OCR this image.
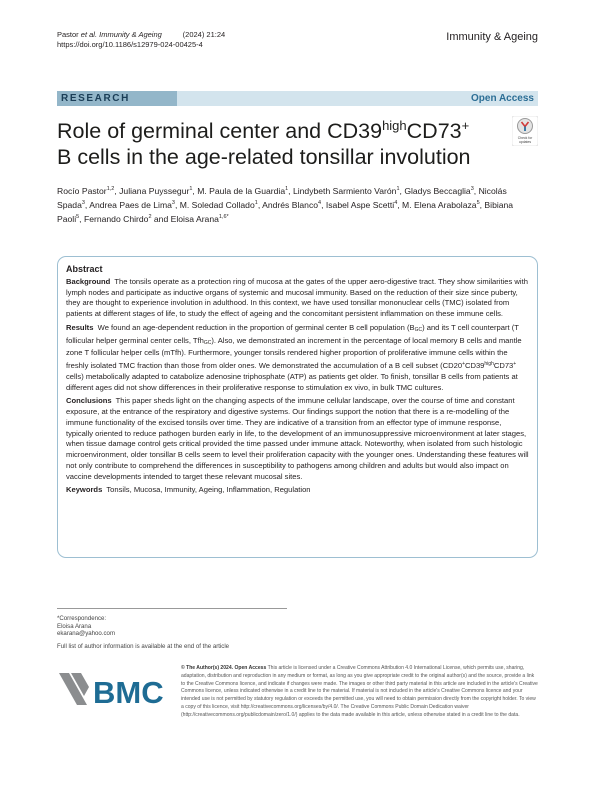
Pastor et al. Immunity & Ageing	(2024) 21:24
https://doi.org/10.1186/s12979-024-00425-4
Immunity & Ageing
RESEARCH	Open Access
Role of germinal center and $CD39^{high}CD73^+$ B cells in the age-related tonsillar involution
Check for
updates
Rocío Pastor$^{1,2}$, Juliana Puyssegur$^1$, M. Paula de la Guardia$^1$, Lindybeth Sarmiento Varón$^1$, Gladys Beccaglia$^3$, Nicolás Spada$^3$, Andrea Paes de Lima$^3$, M. Soledad Collado$^1$, Andrés Blanco$^4$, Isabel Aspe Scetti$^4$, M. Elena Arabolaza$^5$, Bibiana Paoli$^5$, Fernando Chirdo$^2$ and Eloisa Arana$^{1,6*}$
Abstract

Background The tonsils operate as a protection ring of mucosa at the gates of the upper aero-digestive tract. They show similarities with lymph nodes and participate as inductive organs of systemic and mucosal immunity. Based on the reduction of their size since puberty, they are thought to experience involution in adulthood. In this context, we have used tonsillar mononuclear cells (TMC) isolated from patients at different stages of life, to study the effect of ageing and the concomitant persistent inflammation on these immune cells.

Results We found an age-dependent reduction in the proportion of germinal center B cell population $(B_{GC})$ and its T cell counterpart (T follicular helper germinal center cells, Tfh$_{GC}$). Also, we demonstrated an increment in the percentage of local memory B cells and mantle zone T follicular helper cells (mTfh). Furthermore, younger tonsils rendered higher proportion of proliferative immune cells within the freshly isolated TMC fraction than those from older ones. We demonstrated the accumulation of a B cell subset ($CD20^+CD39^{high}CD73^+$ cells) metabolically adapted to catabolize adenosine triphosphate (ATP) as patients get older. To finish, tonsillar B cells from patients at different ages did not show differences in their proliferative response to stimulation ex vivo, in bulk TMC cultures.

Conclusions This paper sheds light on the changing aspects of the immune cellular landscape, over the course of time and constant exposure, at the entrance of the respiratory and digestive systems. Our findings support the notion that there is a re-modelling of the immune functionality of the excised tonsils over time. They are indicative of a transition from an effector type of immune response, typically oriented to reduce pathogen burden early in life, to the development of an immunosuppressive microenvironment at later stages, when tissue damage control gets critical provided the time passed under immune attack. Noteworthy, when isolated from such histologic microenvironment, older tonsillar B cells seem to level their proliferation capacity with the younger ones. Understanding these features will not only contribute to comprehend the differences in susceptibility to pathogens among children and adults but would also impact on vaccine developments intended to target these relevant mucosal sites.

Keywords Tonsils, Mucosa, Immunity, Ageing, Inflammation, Regulation

*Correspondence:
Eloisa Arana
ekarana@yahoo.com
Full list of author information is available at the end of the article
BMC
© The Author(s) 2024. Open Access This article is licensed under a Creative Commons Attribution 4.0 International License, which permits use, sharing, adaptation, distribution and reproduction in any medium or format, as long as you give appropriate credit to the original author(s) and the source, provide a link to the Creative Commons licence, and indicate if changes were made. The images or other third party material in this article are included in the article's Creative Commons licence, unless indicated otherwise in a credit line to the material. If material is not included in the article's Creative Commons licence and your intended use is not permitted by statutory regulation or exceeds the permitted use, you will need to obtain permission directly from the copyright holder. To view a copy of this licence, visit http://creativecommons.org/licenses/by/4.0/. The Creative Commons Public Domain Dedication waiver (http://creativecommons.org/publicdomain/zero/1.0/) applies to the data made available in this article, unless otherwise stated in a credit line to the data.
